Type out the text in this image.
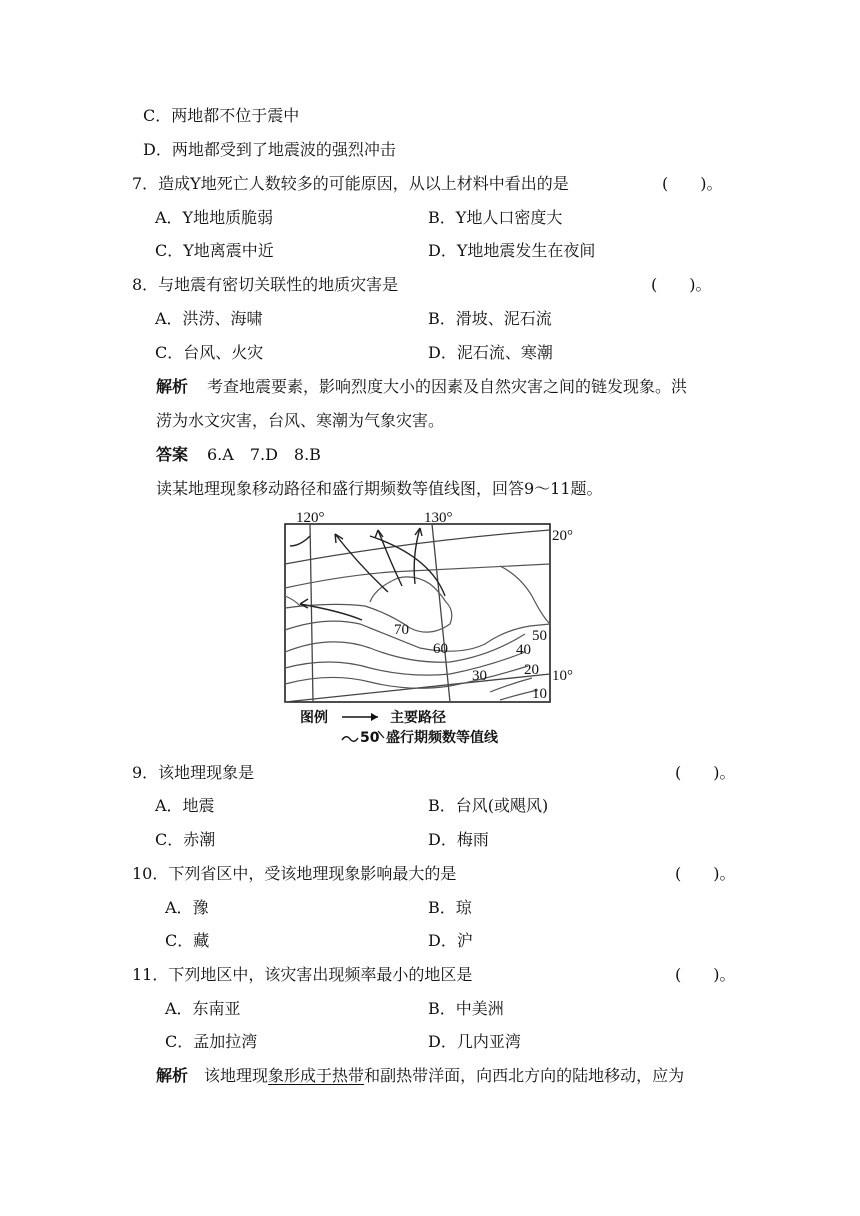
C．两地都不位于震中
D．两地都受到了地震波的强烈冲击
7．造成Y地死亡人数较多的可能原因，从以上材料中看出的是	(　　)。
A．Y地地质脆弱	B．Y地人口密度大
C．Y地离震中近	D．Y地地震发生在夜间
8．与地震有密切关联性的地质灾害是	(　　)。
A．洪涝、海啸	B．滑坡、泥石流
C．台风、火灾	D．泥石流、寒潮
解析 考查地震要素，影响烈度大小的因素及自然灾害之间的链发现象。洪
涝为水文灾害，台风、寒潮为气象灾害。
答案 6.A　7.D　8.B
读某地理现象移动路径和盛行期频数等值线图，回答9～11题。
120°	130°
20°
10°
70
60
50
40
30 20
10
图例	主要路径
50 盛行期频数等值线
9．该地理现象是	(　　)。
A．地震	B．台风(或飓风)
C．赤潮	D．梅雨
10．下列省区中，受该地理现象影响最大的是	(　　)。
A．豫	B．琼
C．藏	D．沪
11．下列地区中，该灾害出现频率最小的地区是	(　　)。
A．东南亚	B．中美洲
C．孟加拉湾	D．几内亚湾
解析　 该地理现象形成于热带和副热带洋面，向西北方向的陆地移动，应为
